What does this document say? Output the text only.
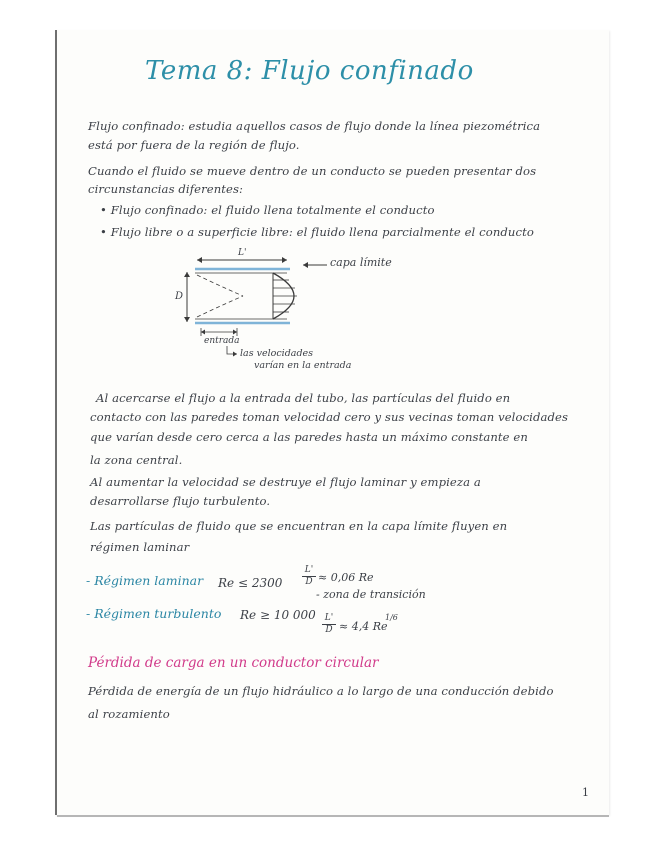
Tema 8: Flujo confinado
Flujo confinado: estudia aquellos casos de flujo donde la línea piezométrica
está por fuera de la región de flujo.
Cuando el fluido se mueve dentro de un conducto se pueden presentar dos
circunstancias diferentes:
• Flujo confinado: el fluido llena totalmente el conducto
• Flujo libre o a superficie libre: el fluido llena parcialmente el conducto
L'
D
capa límite
entrada
las velocidades
varían en la entrada
Al acercarse el flujo a la entrada del tubo, las partículas del fluido en
contacto con las paredes toman velocidad cero y sus vecinas toman velocidades
que varían desde cero cerca a las paredes hasta un máximo constante en
la zona central.
Al aumentar la velocidad se destruye el flujo laminar y empieza a
desarrollarse flujo turbulento.
Las partículas de fluido que se encuentran en la capa límite fluyen en
régimen laminar
- Régimen laminar Re ≤ 2300
L'
D ≈ 0,06 Re
- zona de transición
- Régimen turbulento Re ≥ 10 000 L'
D ≈ 4,4 Re
1/6
Pérdida de carga en un conductor circular
Pérdida de energía de un flujo hidráulico a lo largo de una conducción debido
al rozamiento
1
